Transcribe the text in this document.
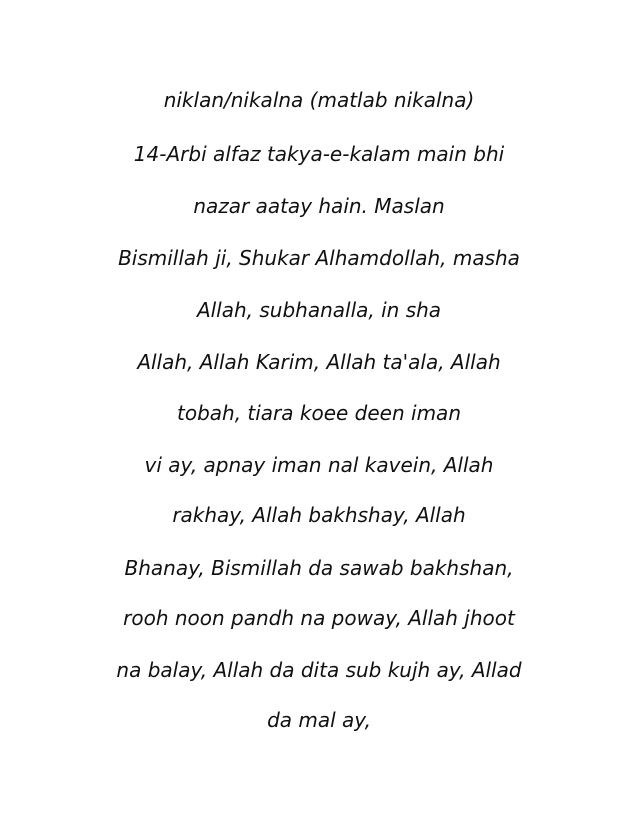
niklan/nikalna (matlab nikalna)
14-Arbi alfaz takya-e-kalam main bhi
nazar aatay hain. Maslan
Bismillah ji, Shukar Alhamdollah, masha
Allah, subhanalla, in sha
Allah, Allah Karim, Allah ta'ala, Allah
tobah, tiara koee deen iman
vi ay, apnay iman nal kavein, Allah
rakhay, Allah bakhshay, Allah
Bhanay, Bismillah da sawab bakhshan,
rooh noon pandh na poway, Allah jhoot
na balay, Allah da dita sub kujh ay, Allad
da mal ay,
